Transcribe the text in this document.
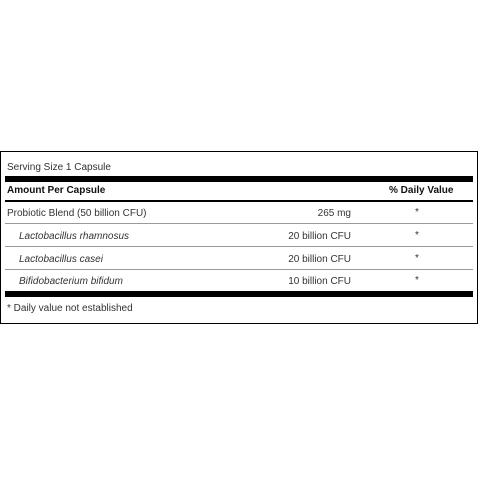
Serving Size 1 Capsule
Amount Per Capsule	% Daily Value
Probiotic Blend (50 billion CFU)	265 mg	*
Lactobacillus rhamnosus	20 billion CFU	*
Lactobacillus casei	20 billion CFU	*
Bifidobacterium bifidum	10 billion CFU	*
* Daily value not established
